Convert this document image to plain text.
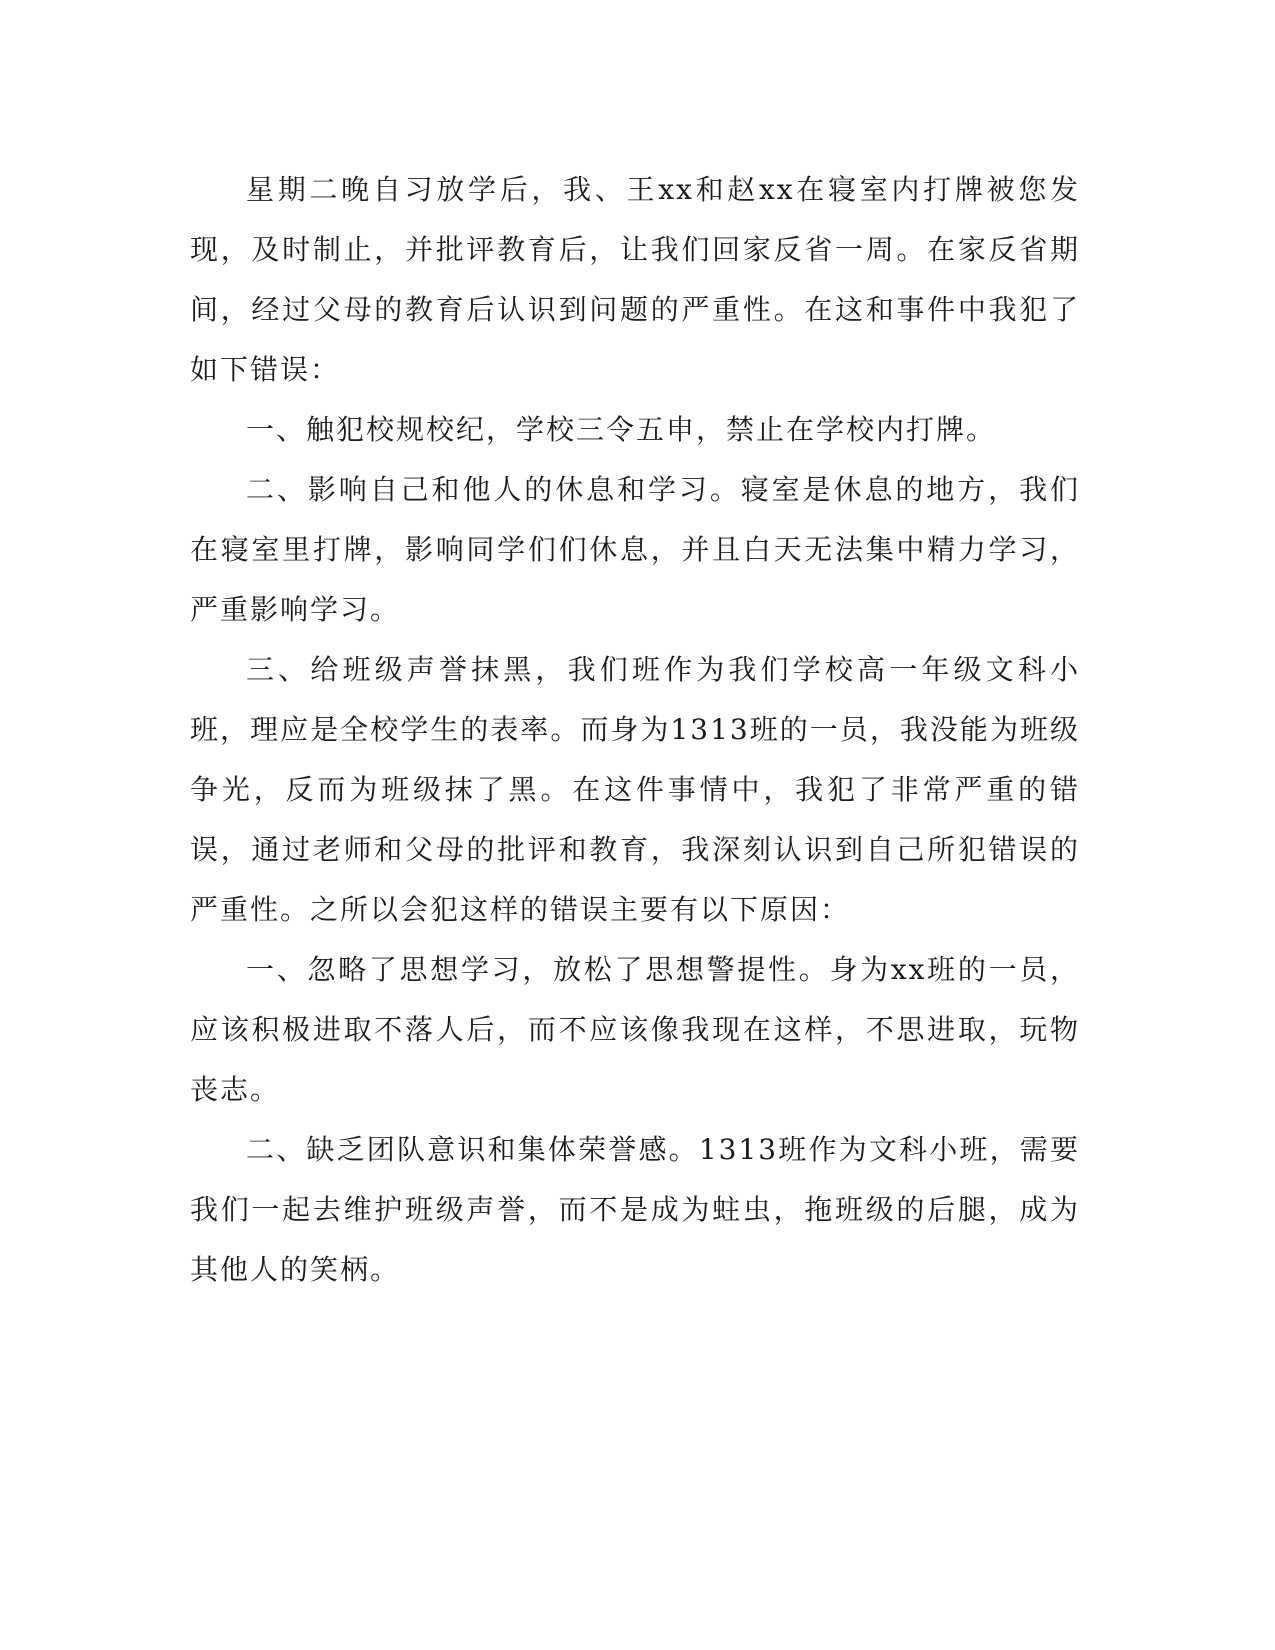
星期二晚自习放学后，我、王xx和赵xx在寝室内打牌被您发现，及时制止，并批评教育后，让我们回家反省一周。在家反省期间，经过父母的教育后认识到问题的严重性。在这和事件中我犯了如下错误：

一、触犯校规校纪，学校三令五申，禁止在学校内打牌。

二、影响自己和他人的休息和学习。寝室是休息的地方，我们在寝室里打牌，影响同学们们休息，并且白天无法集中精力学习，严重影响学习。

三、给班级声誉抹黑，我们班作为我们学校高一年级文科小班，理应是全校学生的表率。而身为1313班的一员，我没能为班级争光，反而为班级抹了黑。在这件事情中，我犯了非常严重的错误，通过老师和父母的批评和教育，我深刻认识到自己所犯错误的严重性。之所以会犯这样的错误主要有以下原因：

一、忽略了思想学习，放松了思想警提性。身为xx班的一员，应该积极进取不落人后，而不应该像我现在这样，不思进取，玩物丧志。

二、缺乏团队意识和集体荣誉感。1313班作为文科小班，需要我们一起去维护班级声誉，而不是成为蛀虫，拖班级的后腿，成为其他人的笑柄。
